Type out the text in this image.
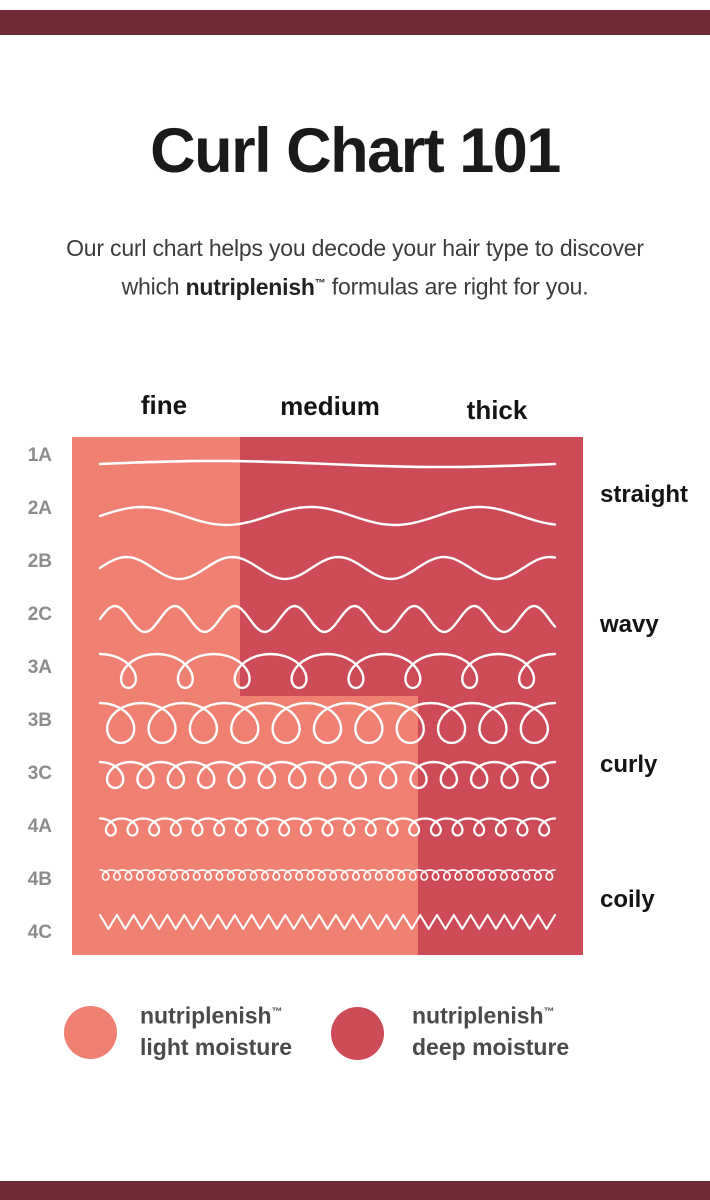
Curl Chart 101

Our curl chart helps you decode your hair type to discover
which nutriplenish™ formulas are right for you.

fine	medium	thick
1A
2A
2B
2C
3A
3B
3C
4A
4B
4C
straight
wavy
curly
coily
nutriplenish™
light moisture
nutriplenish™
deep moisture
